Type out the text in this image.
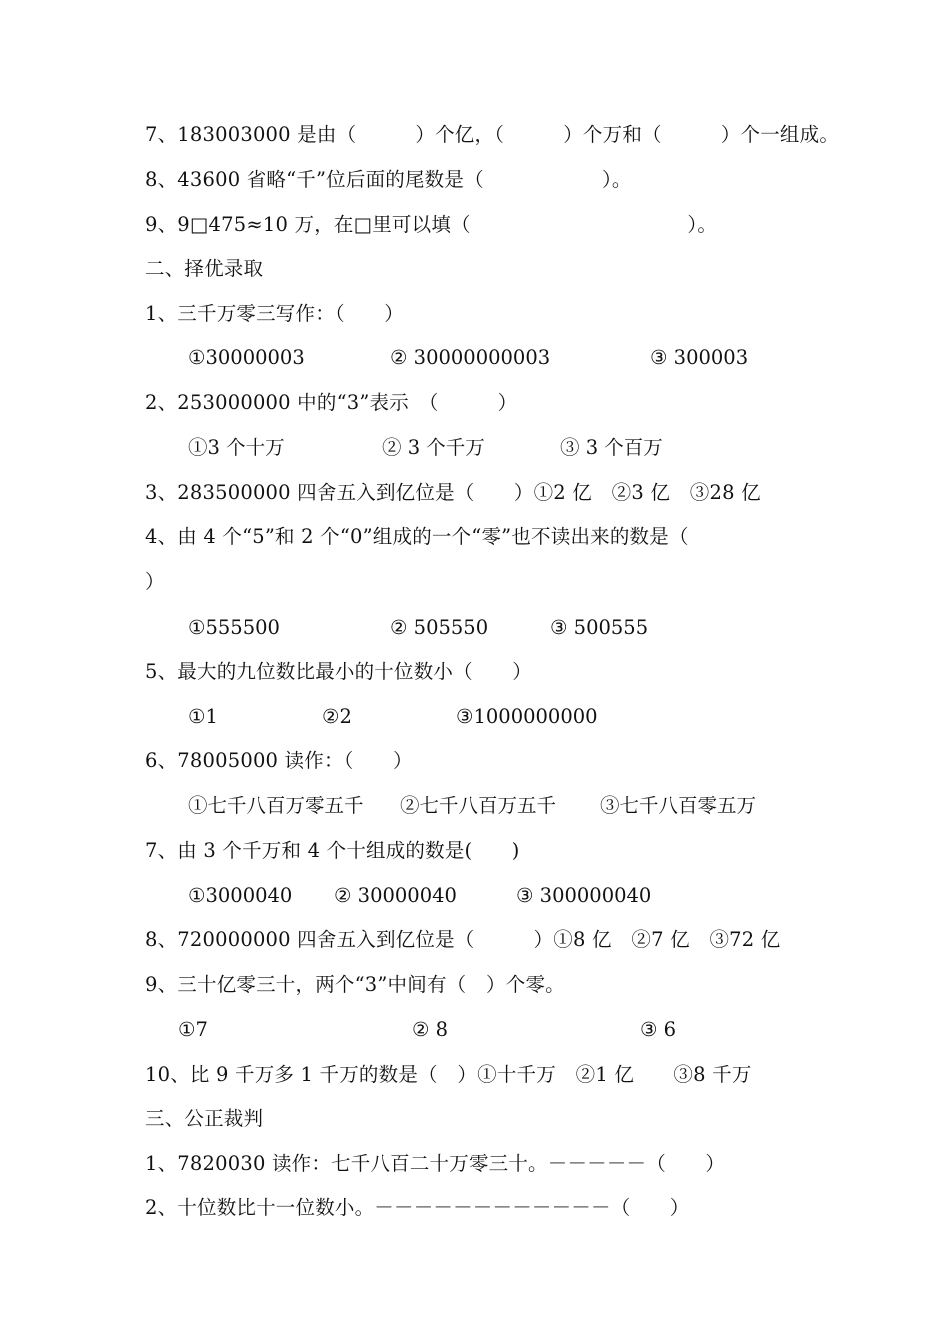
7、183003000 是由（　　　）个亿，（　　　）个万和（　　　）个一组成。
8、43600 省略“千”位后面的尾数是（　　　　　　）。
9、9□475≈10 万，在□里可以填（　　　　　　　　　　　）。
二、择优录取
1、三千万零三写作：（　　）
①30000003	② 30000000003	③ 300003
2、253000000 中的“3”表示　（　　　）
①3 个十万	② 3 个千万	③ 3 个百万
3、283500000 四舍五入到亿位是（　　）①2 亿　②3 亿　③28 亿
4、由 4 个“5”和 2 个“0”组成的一个“零”也不读出来的数是（
）
①555500	② 505550	③ 500555
5、最大的九位数比最小的十位数小（　　）
①1	②2	③1000000000
6、78005000 读作：（　　）
①七千八百万零五千 ②七千八百万五千 ③七千八百零五万
7、由 3 个千万和 4 个十组成的数是(　　)
①3000040 ② 30000040	③ 300000040
8、720000000 四舍五入到亿位是（　　　）①8 亿　②7 亿　③72 亿
9、三十亿零三十，两个“3”中间有（　）个零。
①7	② 8	③ 6
10、比 9 千万多 1 千万的数是（　）①十千万　②1 亿　　③8 千万
三、公正裁判
1、7820030 读作：七千八百二十万零三十。－－－－－（　　）
2、十位数比十一位数小。－－－－－－－－－－－－（　　）
